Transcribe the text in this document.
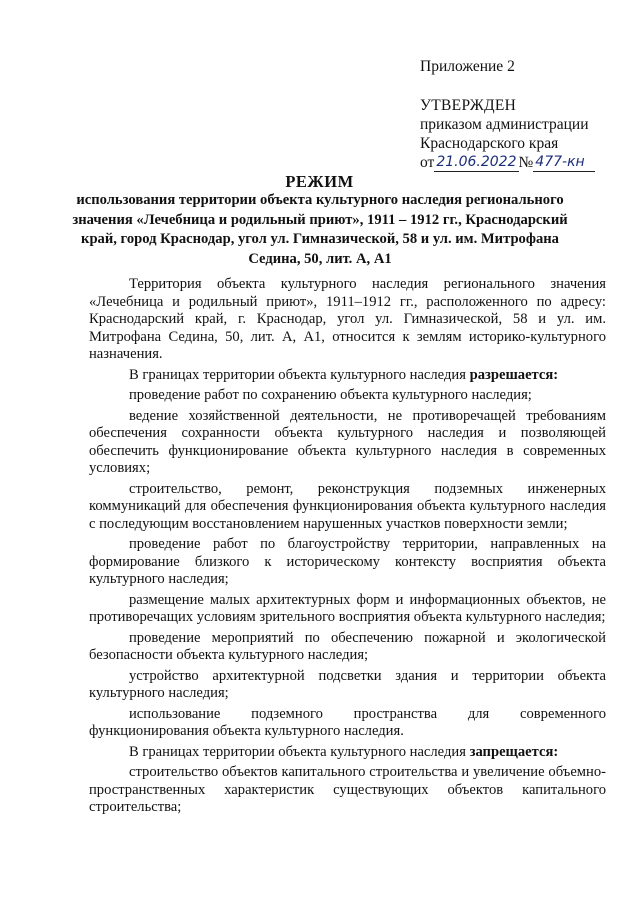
Приложение 2
УТВЕРЖДЕН
приказом администрации
Краснодарского края
от 21.06.2022 № 477-кн
РЕЖИМ
использования территории объекта культурного наследия регионального значения «Лечебница и родильный приют», 1911 – 1912 гг., Краснодарский край, город Краснодар, угол ул. Гимназической, 58 и ул. им. Митрофана Седина, 50, лит. А, А1

Территория объекта культурного наследия регионального значения «Лечебница и родильный приют», 1911–1912 гг., расположенного по адресу: Краснодарский край, г. Краснодар, угол ул. Гимназической, 58 и ул. им. Митрофана Седина, 50, лит. А, А1, относится к землям историко-культурного назначения.

В границах территории объекта культурного наследия разрешается:

проведение работ по сохранению объекта культурного наследия;

ведение хозяйственной деятельности, не противоречащей требованиям обеспечения сохранности объекта культурного наследия и позволяющей обеспечить функционирование объекта культурного наследия в современных условиях;

строительство, ремонт, реконструкция подземных инженерных коммуникаций для обеспечения функционирования объекта культурного наследия с последующим восстановлением нарушенных участков поверхности земли;

проведение работ по благоустройству территории, направленных на формирование близкого к историческому контексту восприятия объекта культурного наследия;

размещение малых архитектурных форм и информационных объектов, не противоречащих условиям зрительного восприятия объекта культурного наследия;

проведение мероприятий по обеспечению пожарной и экологической безопасности объекта культурного наследия;

устройство архитектурной подсветки здания и территории объекта культурного наследия;

использование подземного пространства для современного функционирования объекта культурного наследия.

В границах территории объекта культурного наследия запрещается:

строительство объектов капитального строительства и увеличение объемно-пространственных характеристик существующих объектов капитального строительства;
